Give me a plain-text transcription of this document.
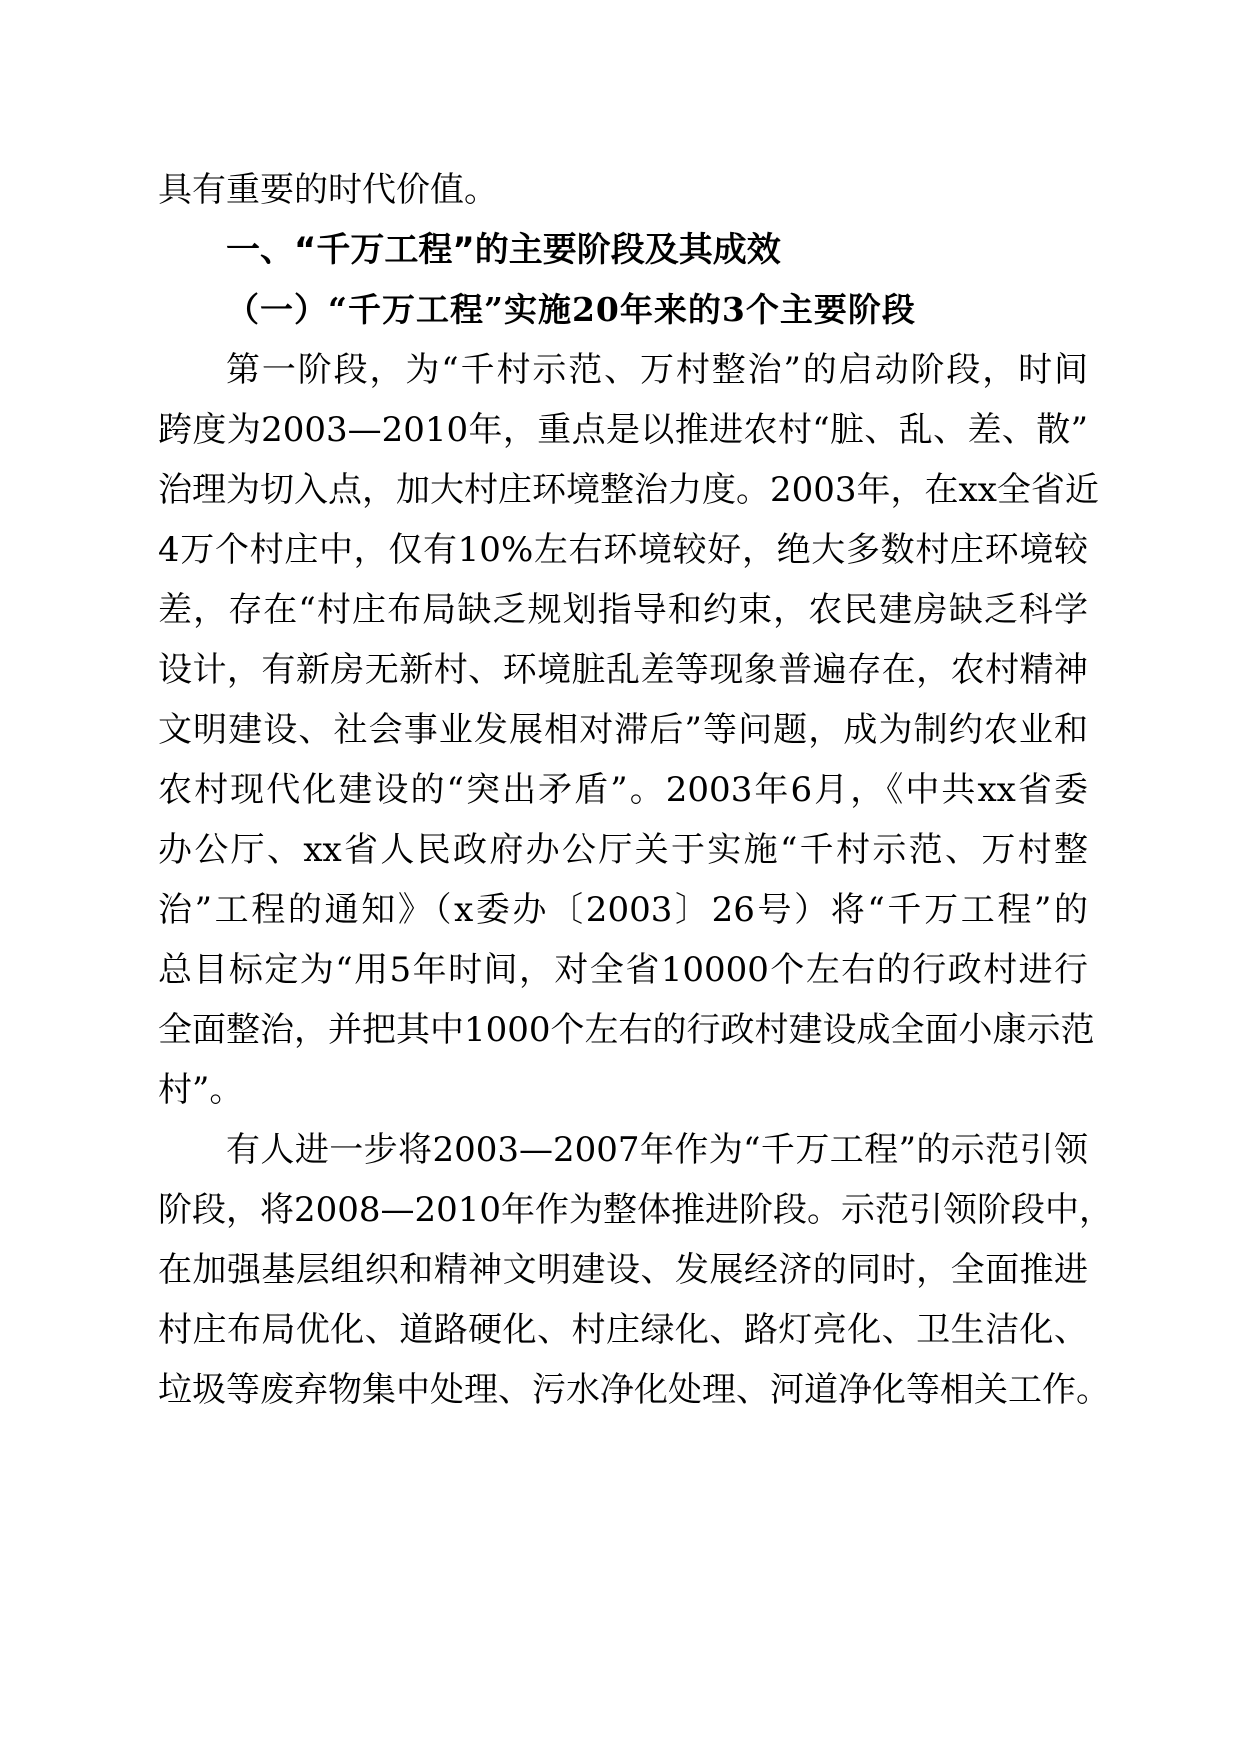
具有重要的时代价值。
一、“千万工程”的主要阶段及其成效
（一）“千万工程”实施20年来的3个主要阶段
第一阶段，为“千村示范、万村整治”的启动阶段，时间
跨度为2003—2010年，重点是以推进农村“脏、乱、差、散”
治理为切入点，加大村庄环境整治力度。2003年，在xx全省近
4万个村庄中，仅有10%左右环境较好，绝大多数村庄环境较
差，存在“村庄布局缺乏规划指导和约束，农民建房缺乏科学
设计，有新房无新村、环境脏乱差等现象普遍存在，农村精神
文明建设、社会事业发展相对滞后”等问题，成为制约农业和
农村现代化建设的“突出矛盾”。2003年6月，《中共xx省委
办公厅、xx省人民政府办公厅关于实施“千村示范、万村整
治”工程的通知》（x委办〔2003〕26号）将“千万工程”的
总目标定为“用5年时间，对全省10000个左右的行政村进行
全面整治，并把其中1000个左右的行政村建设成全面小康示范
村”。
有人进一步将2003—2007年作为“千万工程”的示范引领
阶段，将2008—2010年作为整体推进阶段。示范引领阶段中，
在加强基层组织和精神文明建设、发展经济的同时，全面推进
村庄布局优化、道路硬化、村庄绿化、路灯亮化、卫生洁化、
垃圾等废弃物集中处理、污水净化处理、河道净化等相关工作。
